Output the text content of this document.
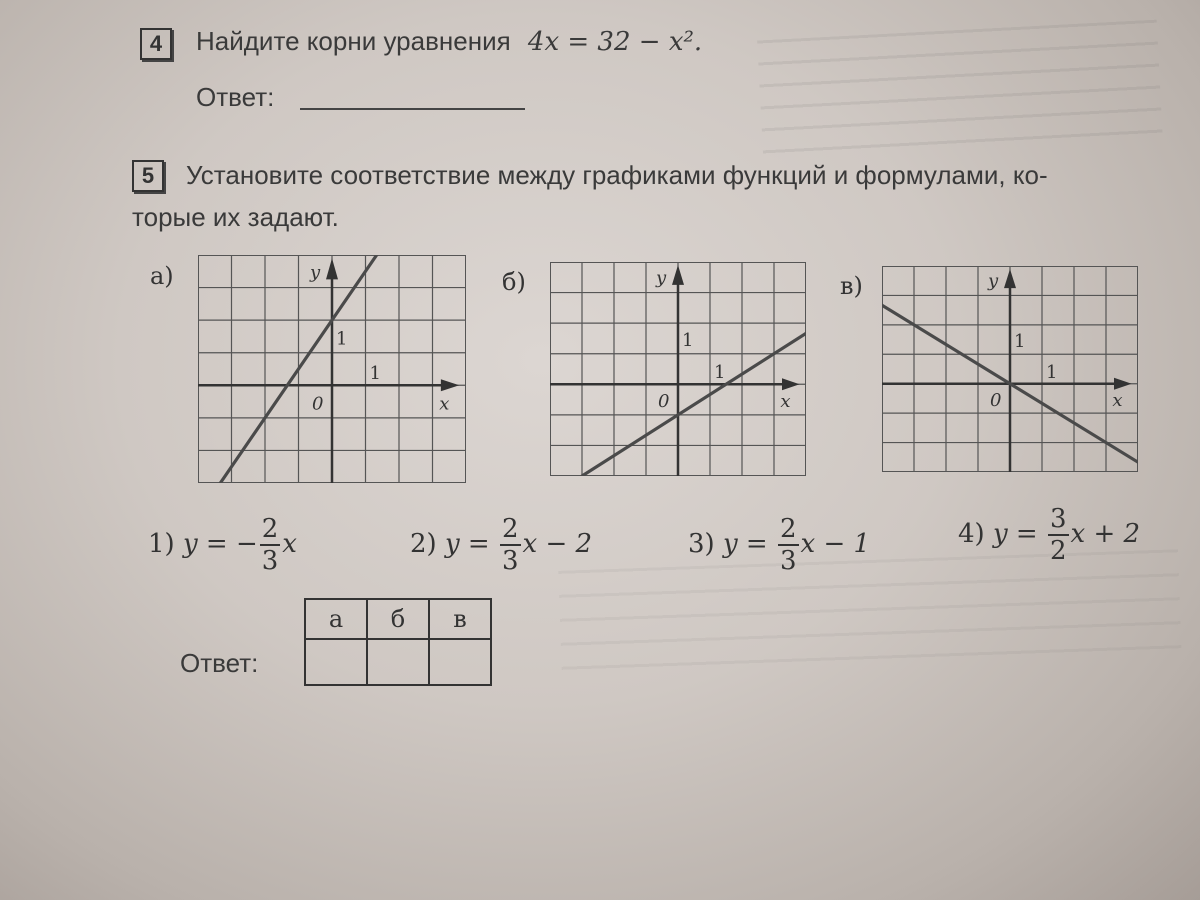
4	Найдите корни уравнения 4x = 32 − x².
Ответ:
5	Установите соответствие между графиками функций и формулами, ко-
торые их задают.
а)	б)	в)
y
x
0
1
1
y
x
0
1
1
y
x
0
1
1
1) y = − $\frac{2}{3}$ x	2) $y = \frac{2}{3}$ x − 2	3) $y = \frac{2}{3}$ x − 1	4) $y = \frac{3}{2}$ x + 2
Ответ:
а	б	в
